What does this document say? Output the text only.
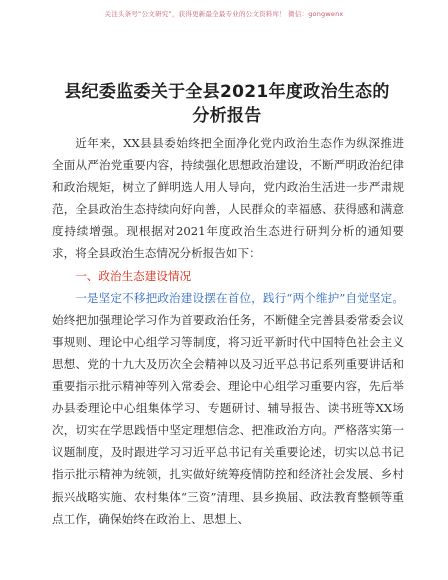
关注头条号“公文研究”，获得更新最全最专业的公文资料库！ 微信：gongwenx
县纪委监委关于全县2021年度政治生态的分析报告

近年来，XX县县委始终把全面净化党内政治生态作为纵深推进全面从严治党重要内容，持续强化思想政治建设，不断严明政治纪律和政治规矩，树立了鲜明选人用人导向，党内政治生活进一步严肃规范，全县政治生态持续向好向善，人民群众的幸福感、获得感和满意度持续增强。现根据对2021年度政治生态进行研判分析的通知要求，将全县政治生态情况分析报告如下：

一、政治生态建设情况

一是坚定不移把政治建设摆在首位，践行“两个维护”自觉坚定。始终把加强理论学习作为首要政治任务，不断健全完善县委常委会议事规则、理论中心组学习等制度，将习近平新时代中国特色社会主义思想、党的十九大及历次全会精神以及习近平总书记系列重要讲话和重要指示批示精神等列入常委会、理论中心组学习重要内容，先后举办县委理论中心组集体学习、专题研讨、辅导报告、读书班等XX场次，切实在学思践悟中坚定理想信念、把准政治方向。严格落实第一议题制度，及时跟进学习习近平总书记有关重要论述，切实以总书记指示批示精神为统领，扎实做好统筹疫情防控和经济社会发展、乡村振兴战略实施、农村集体“三资”清理、县乡换届、政法教育整顿等重点工作，确保始终在政治上、思想上、
